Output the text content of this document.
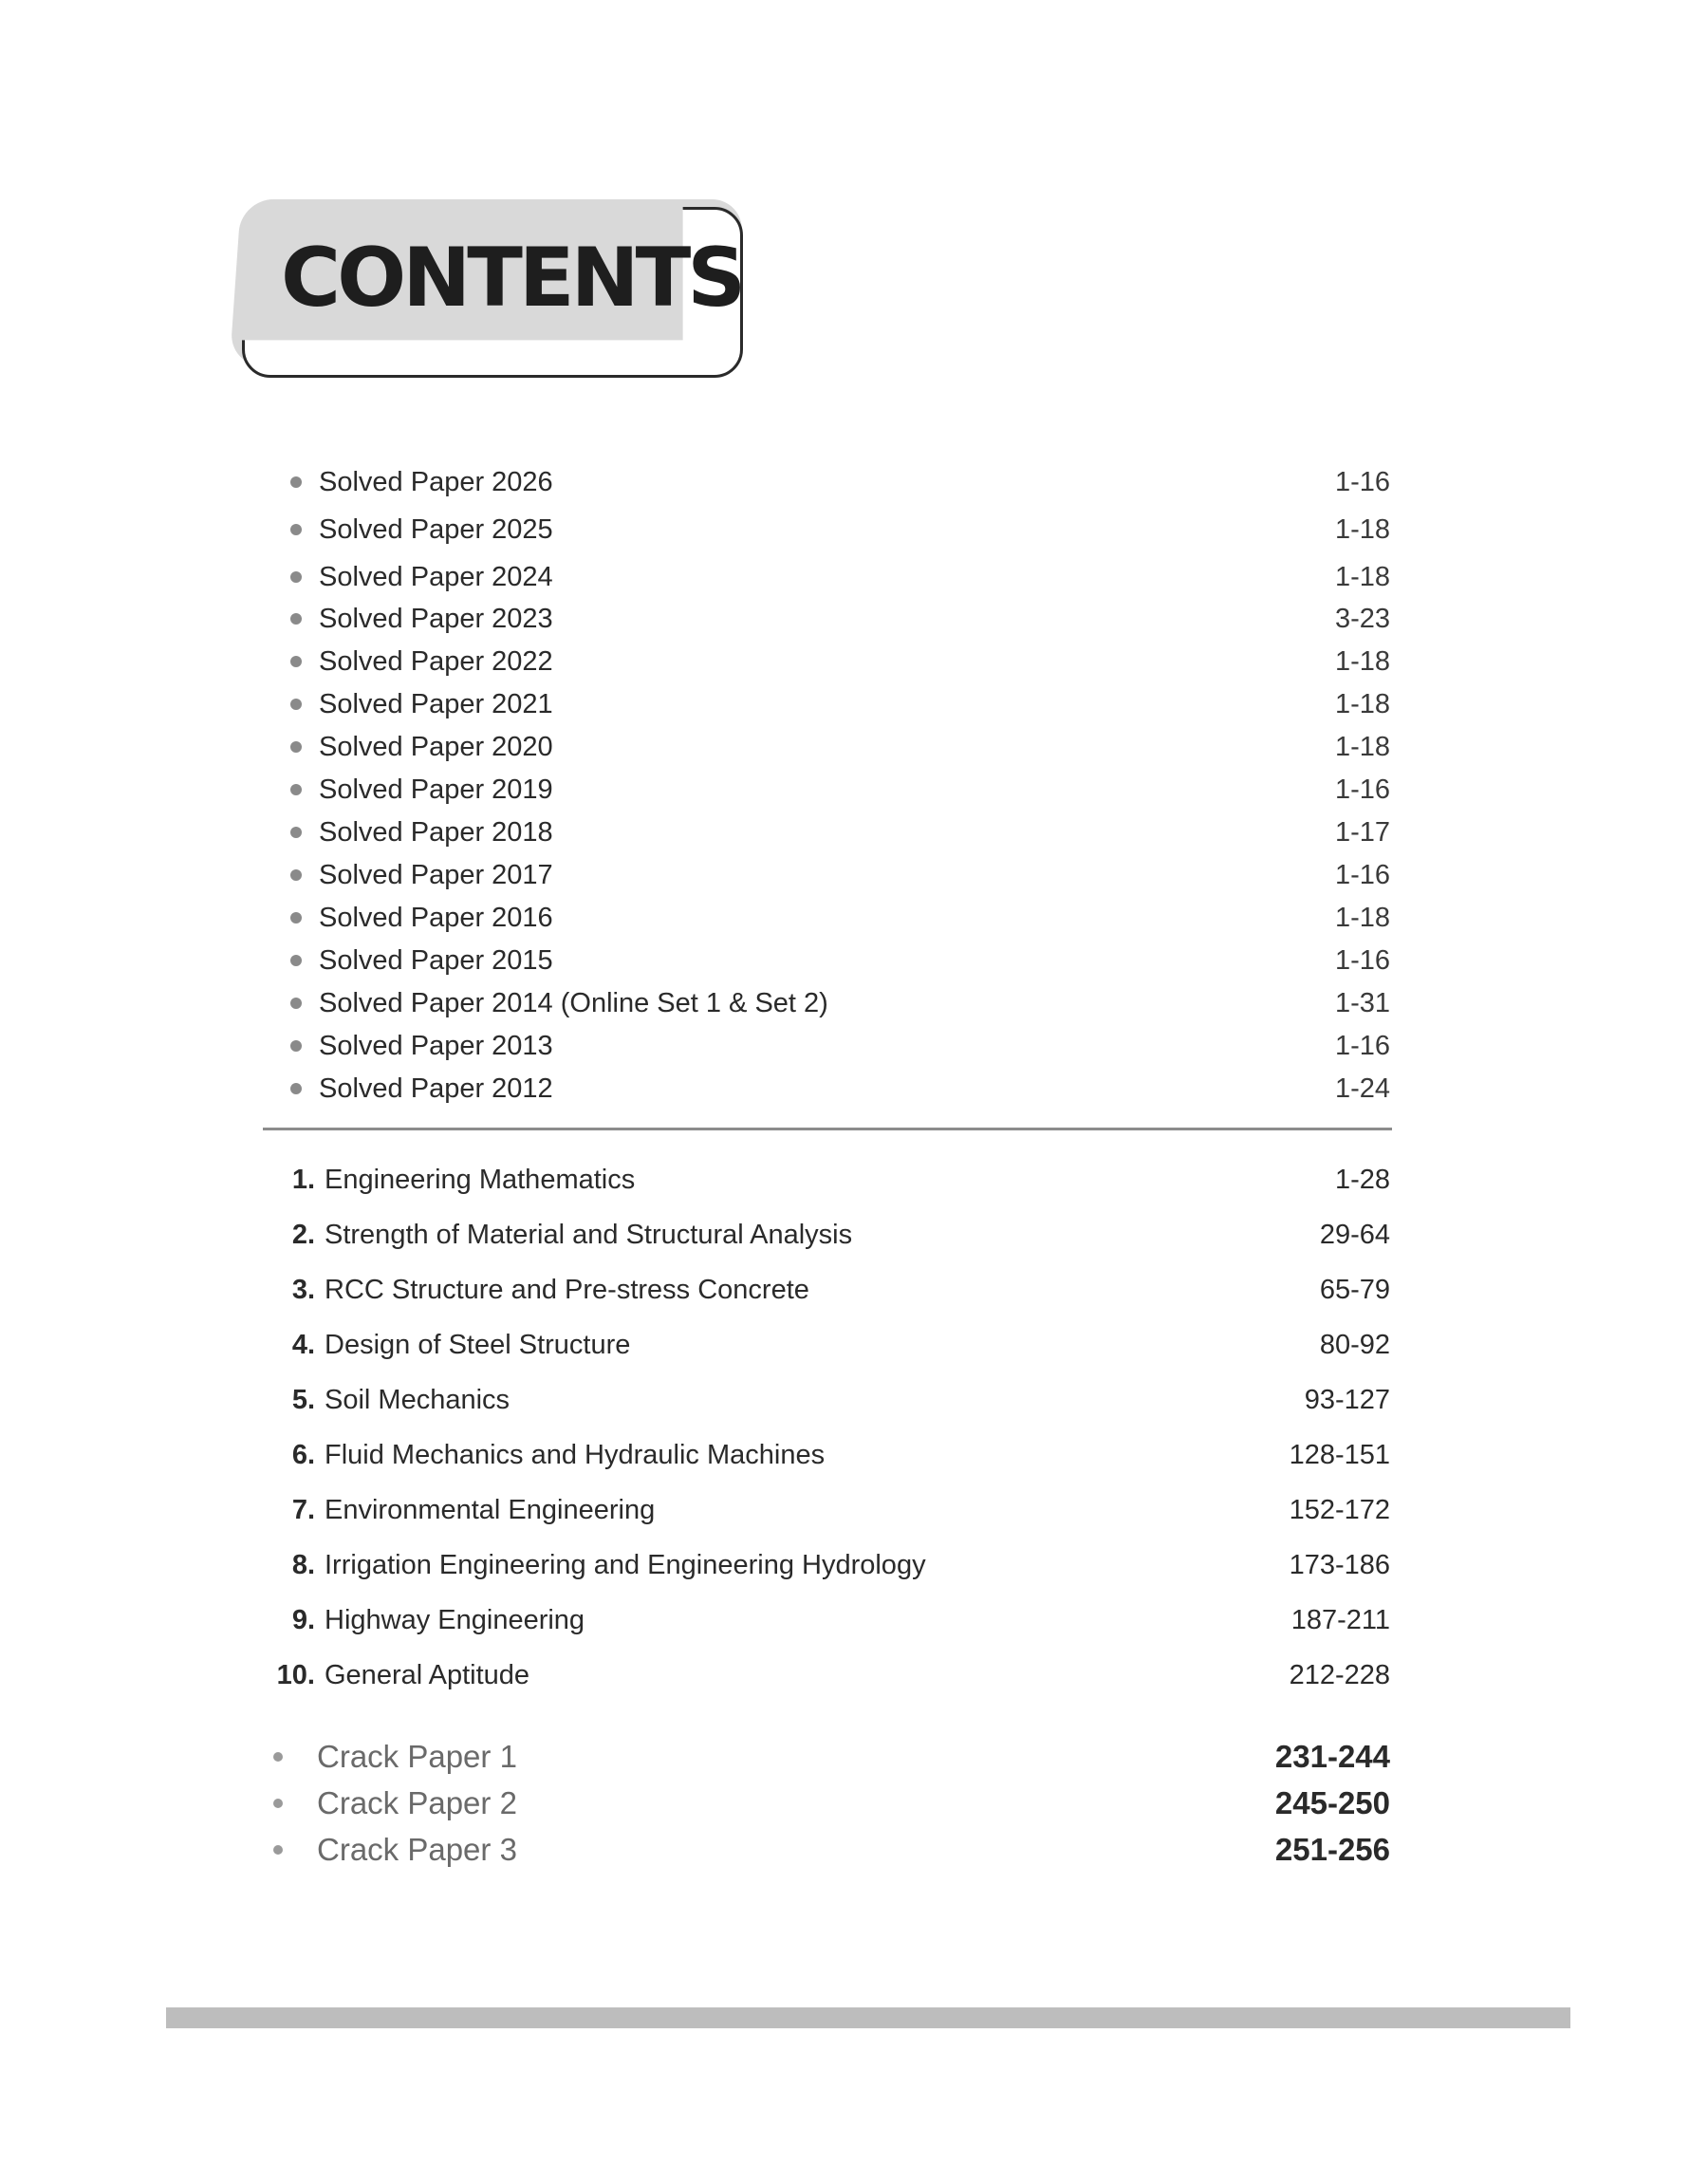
CONTENTS
Solved Paper 2026	1-16
Solved Paper 2025	1-18
Solved Paper 2024	1-18
Solved Paper 2023	3-23
Solved Paper 2022	1-18
Solved Paper 2021	1-18
Solved Paper 2020	1-18
Solved Paper 2019	1-16
Solved Paper 2018	1-17
Solved Paper 2017	1-16
Solved Paper 2016	1-18
Solved Paper 2015	1-16
Solved Paper 2014 (Online Set 1 & Set 2)	1-31
Solved Paper 2013	1-16
Solved Paper 2012	1-24
1. Engineering Mathematics	1-28
2. Strength of Material and Structural Analysis	29-64
3. RCC Structure and Pre-stress Concrete	65-79
4. Design of Steel Structure	80-92
5. Soil Mechanics	93-127
6. Fluid Mechanics and Hydraulic Machines	128-151
7. Environmental Engineering	152-172
8. Irrigation Engineering and Engineering Hydrology	173-186
9. Highway Engineering	187-211
10. General Aptitude	212-228
Crack Paper 1	231-244
Crack Paper 2	245-250
Crack Paper 3	251-256
